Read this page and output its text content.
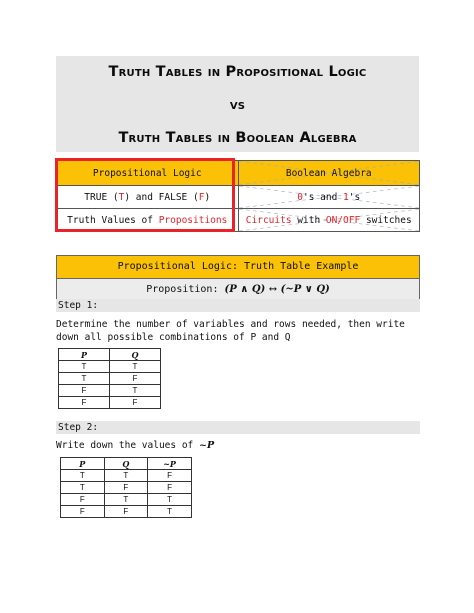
Truth Tables in Propositional Logic
vs
Truth Tables in Boolean Algebra
Propositional Logic	Boolean Algebra
TRUE (T) and FALSE (F)	0's and 1's
Truth Values of Propositions	Circuits with ON/OFF switches
Propositional Logic: Truth Table Example
Proposition: (P ∧ Q) ↔ (~P ∨ Q)
Step 1:
Determine the number of variables and rows needed, then write down all possible combinations of P and Q
P	Q
T	T
T	F
F	T
F	F
Step 2:
Write down the values of ~P
P	Q	~P
T	T	F
T	F	F
F	T	T
F	F	T
